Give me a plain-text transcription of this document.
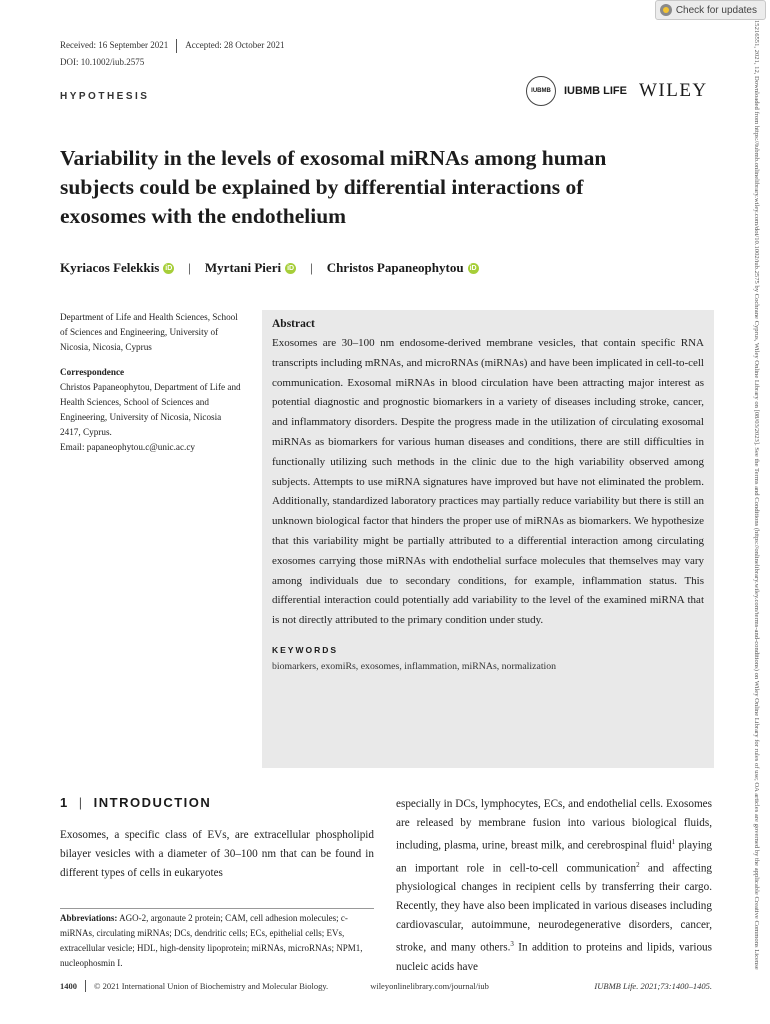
Check for updates
Received: 16 September 2021 Accepted: 28 October 2021
DOI: 10.1002/iub.2575
HYPOTHESIS	IUBMB	IUBMB LIFE WILEY
Variability in the levels of exosomal miRNAs among human subjects could be explained by differential interactions of exosomes with the endothelium
Kyriacos Felekkis iD | Myrtani Pieri iD | Christos Papaneophytou iD

Department of Life and Health Sciences, School of Sciences and Engineering, University of Nicosia, Nicosia, Cyprus

Correspondence

Christos Papaneophytou, Department of Life and Health Sciences, School of Sciences and Engineering, University of Nicosia, Nicosia 2417, Cyprus.

Email: papaneophytou.c@unic.ac.cy

Abstract
Exosomes are 30–100 nm endosome-derived membrane vesicles, that contain specific RNA transcripts including mRNAs, and microRNAs (miRNAs) and have been implicated in cell-to-cell communication. Exosomal miRNAs in blood circulation have been attracting major interest as potential diagnostic and prognostic biomarkers in a variety of diseases including stroke, cancer, and inflammatory disorders. Despite the progress made in the utilization of circulating exosomal miRNAs as biomarkers for various human diseases and conditions, there are still difficulties in functionally utilizing such methods in the clinic due to the high variability observed among subjects. Attempts to use miRNA signatures have improved but have not eliminated the problem. Additionally, standardized laboratory practices may partially reduce variability but there is still an unknown biological factor that hinders the proper use of miRNAs as biomarkers. We hypothesize that this variability might be partially attributed to a differential interaction among circulating exosomes carrying those miRNAs with endothelial surface molecules that themselves may vary among individuals due to secondary conditions, for example, inflammation status. This differential interaction could potentially add variability to the level of the examined miRNA that is not directly attributed to the primary condition under study.
KEYWORDS
biomarkers, exomiRs, exosomes, inflammation, miRNAs, normalization
1 | INTRODUCTION
Exosomes, a specific class of EVs, are extracellular phospholipid bilayer vesicles with a diameter of 30–100 nm that can be found in different types of cells in eukaryotes
Abbreviations: AGO-2, argonaute 2 protein; CAM, cell adhesion molecules; c-miRNAs, circulating miRNAs; DCs, dendritic cells; ECs, epithelial cells; EVs, extracellular vesicle; HDL, high-density lipoprotein; miRNAs, microRNAs; NPM1, nucleophosmin I.
especially in DCs, lymphocytes, ECs, and endothelial cells. Exosomes are released by membrane fusion into various biological fluids, including, plasma, urine, breast milk, and cerebrospinal fluid$^1$ playing an important role in cell-to-cell communication$^2$ and affecting physiological changes in recipient cells by transferring their cargo. Recently, they have also been implicated in various diseases including cardiovascular, autoimmune, neurodegenerative disorders, cancer, stroke, and many others.$^3$ In addition to proteins and lipids, various nucleic acids have
1400 © 2021 International Union of Biochemistry and Molecular Biology.	wileyonlinelibrary.com/journal/iub	IUBMB Life. 2021;73:1400–1405.
15216551, 2021, 12, Downloaded from https://iubmb.onlinelibrary.wiley.com/doi/10.1002/iub.2575 by Cochrane Cyprus, Wiley Online Library on [08/03/2023]. See the Terms and Conditions (https://onlinelibrary.wiley.com/terms-and-conditions) on Wiley Online Library for rules of use; OA articles are governed by the applicable Creative Commons License
